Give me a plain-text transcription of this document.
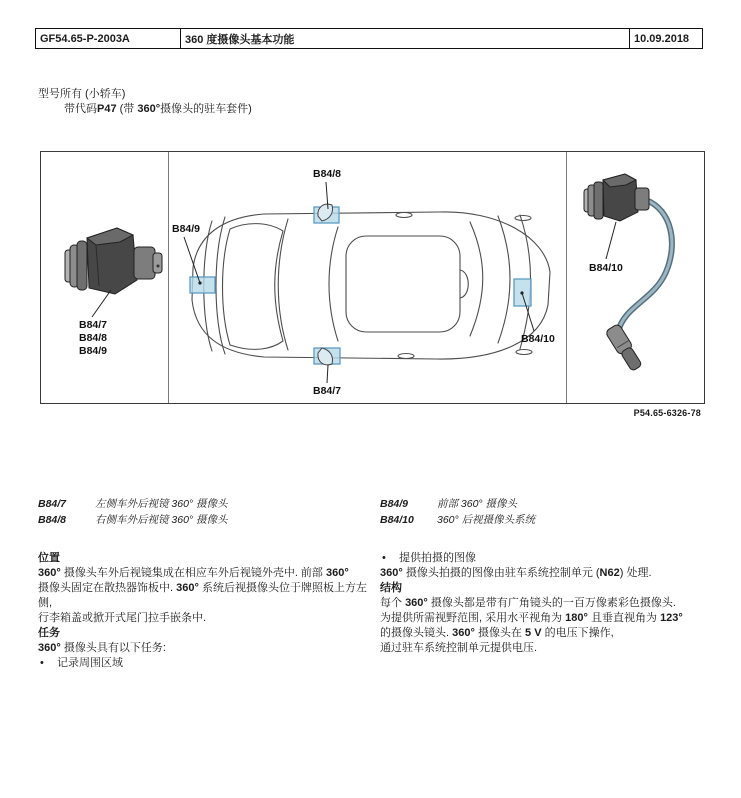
GF54.65-P-2003A	360 度摄像头基本功能	10.09.2018
型号所有 (小轿车)
带代码P47 (带 360°摄像头的驻车套件)
B84/7
B84/8
B84/9
B84/8
B84/9
B84/7
B84/10
B84/10
P54.65-6326-78
B84/7	左侧车外后视镜 360° 摄像头
B84/8	右侧车外后视镜 360° 摄像头
B84/9	前部 360° 摄像头
B84/10 360° 后视摄像头系统
位置
360° 摄像头车外后视镜集成在相应车外后视镜外壳中. 前部 360°
摄像头固定在散热器饰板中. 360° 系统后视摄像头位于牌照板上方左侧,
行李箱盖或掀开式尾门拉手嵌条中.
任务
360° 摄像头具有以下任务:
• 记录周围区域
• 提供拍摄的图像
360° 摄像头拍摄的图像由驻车系统控制单元 (N62) 处理.
结构
每个 360° 摄像头都是带有广角镜头的一百万像素彩色摄像头.
为提供所需视野范围, 采用水平视角为 180° 且垂直视角为 123°
的摄像头镜头. 360° 摄像头在 5 V 的电压下操作,
通过驻车系统控制单元提供电压.
